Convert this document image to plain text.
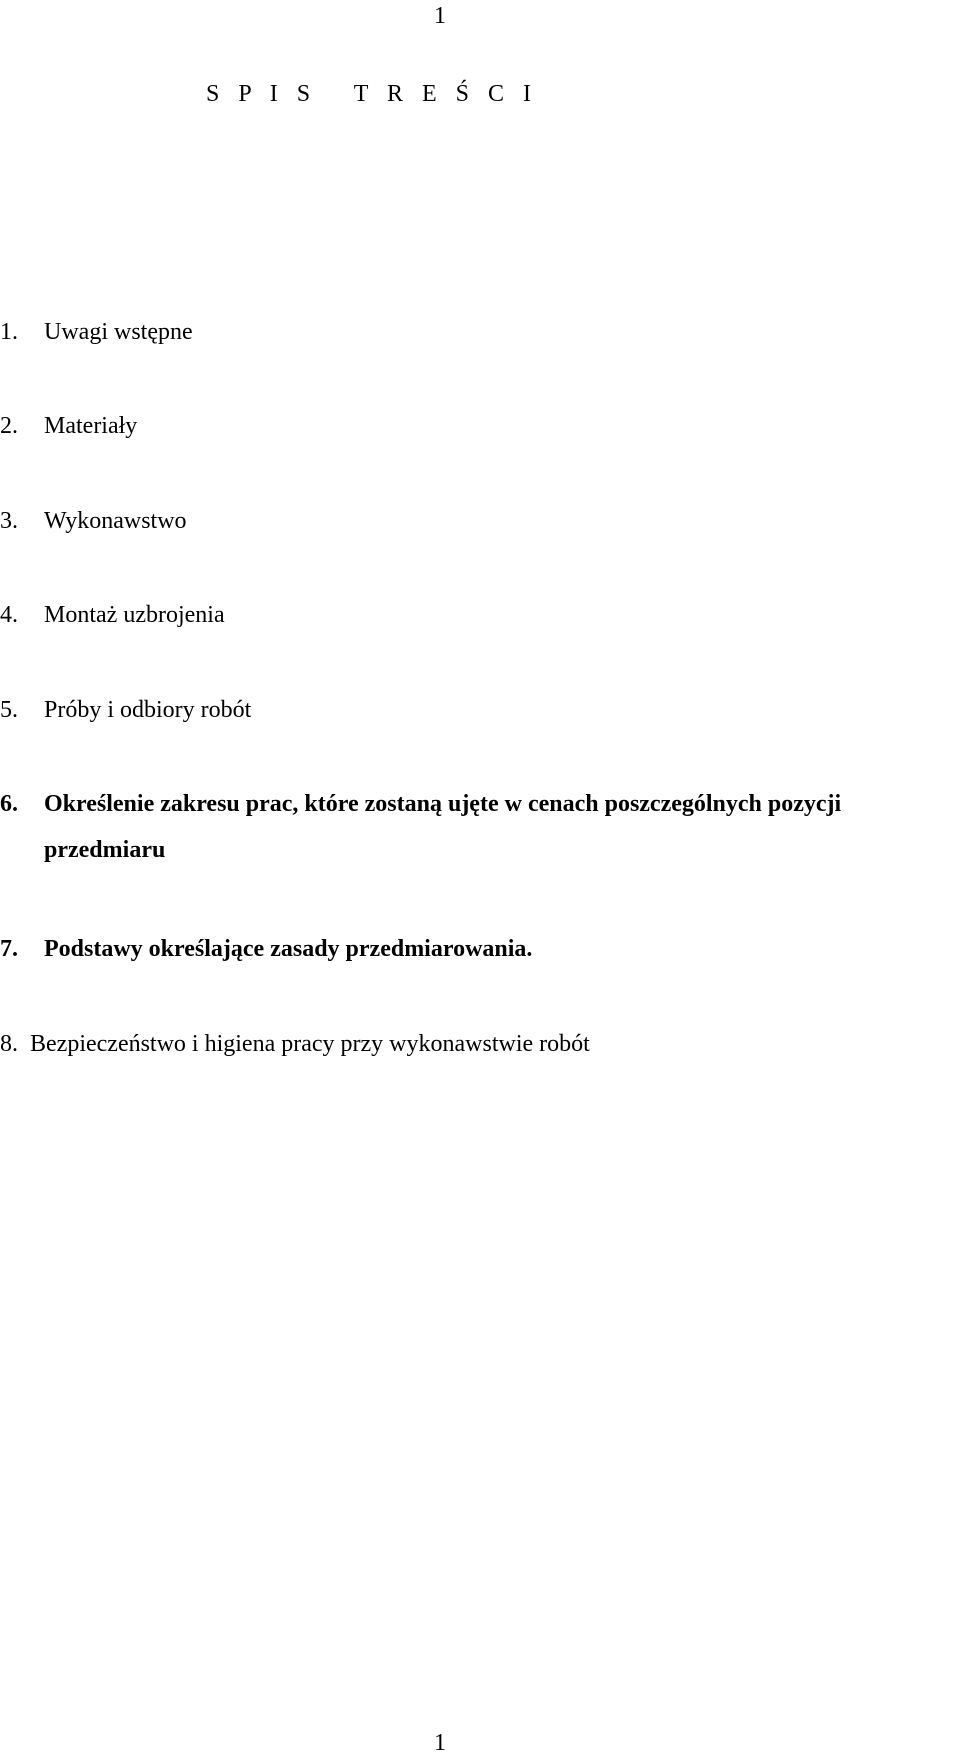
1
S P I S   T R E Ś C I
1. Uwagi wstępne
2. Materiały
3. Wykonawstwo
4. Montaż uzbrojenia
5. Próby i odbiory robót
6. Określenie zakresu prac, które zostaną ujęte w cenach poszczególnych pozycji
przedmiaru
7. Podstawy określające zasady przedmiarowania.
8. Bezpieczeństwo i higiena pracy przy wykonawstwie robót
1
